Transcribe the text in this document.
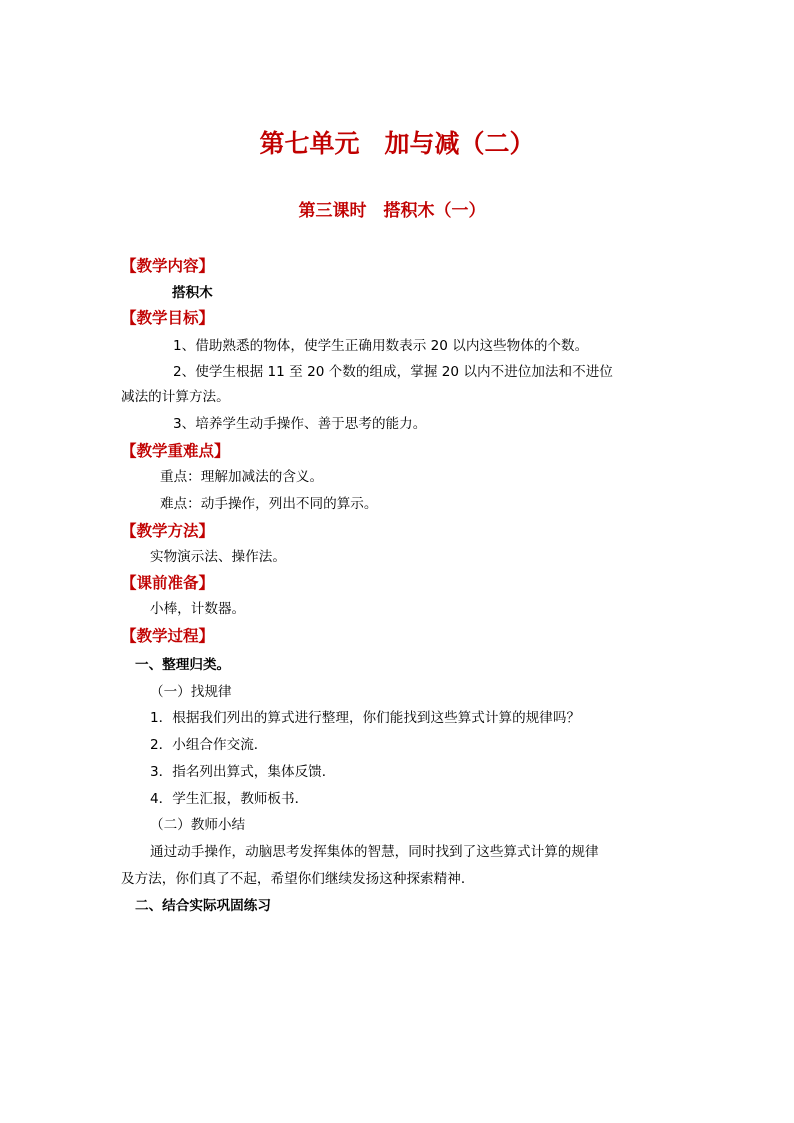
第七单元　加与减（二）
第三课时　搭积木（一）
【教学内容】
搭积木
【教学目标】
1、借助熟悉的物体，使学生正确用数表示 20 以内这些物体的个数。
2、使学生根据 11 至 20 个数的组成，掌握 20 以内不进位加法和不进位
减法的计算方法。
3、培养学生动手操作、善于思考的能力。
【教学重难点】
重点：理解加减法的含义。
难点：动手操作，列出不同的算示。
【教学方法】
实物演示法、操作法。
【课前准备】
小棒，计数器。
【教学过程】
一、整理归类。
（一）找规律
1．根据我们列出的算式进行整理，你们能找到这些算式计算的规律吗？
2．小组合作交流．
3．指名列出算式，集体反馈．
4．学生汇报，教师板书．
（二）教师小结
通过动手操作，动脑思考发挥集体的智慧，同时找到了这些算式计算的规律
及方法，你们真了不起，希望你们继续发扬这种探索精神．
二、结合实际巩固练习
